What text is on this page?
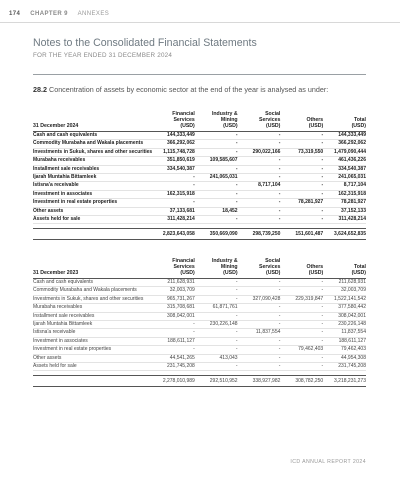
174 CHAPTER 9 ANNEXES
Notes to the Consolidated Financial Statements
FOR THE YEAR ENDED 31 DECEMBER 2024
28.2 Concentration of assets by economic sector at the end of the year is analysed as under:
31 December 2024	Financial
Services
(USD)	Industry &
Mining
(USD)	Social
Services
(USD)	Others
(USD)	Total
(USD)
Cash and cash equivalents	144,333,449	-	-	-	144,333,449
Commodity Murabaha and Wakala placements	366,292,062	-	-	-	366,292,062
Investments in Sukuk, shares and other securities	1,115,748,728	-	290,022,166	73,319,550	1,479,090,444
Murabaha receivables	351,850,619	109,585,607	-	-	461,436,226
Installment sale receivables	334,540,387	-	-	-	334,540,387
Ijarah Muntahia Bittamleek	-	241,065,031	-	-	241,065,031
Istisna'a receivable	-	-	8,717,104	-	8,717,104
Investment in associates	162,315,918	-	-	-	162,315,918
Investment in real estate properties	-	-	-	78,281,927	78,281,927
Other assets	37,133,681	18,452	-	-	37,152,133
Assets held for sale	311,428,214	-	-	-	311,428,214

	2,823,643,058	350,669,090	298,739,250	151,601,487	3,624,652,835
31 December 2023	Financial
Services
(USD)	Industry &
Mining
(USD)	Social
Services
(USD)	Others
(USD)	Total
(USD)
Cash and cash equivalents	211,628,931	-	-	-	211,628,931
Commodity Murabaha and Wakala placements	32,003,709	-	-	-	32,003,709
Investments in Sukuk, shares and other securities	965,731,267	-	327,090,428	229,319,847	1,522,141,542
Murabaha receivables	315,708,681	61,871,761	-	-	377,580,442
Installment sale receivables	308,042,001	-	-	-	308,042,001
Ijarah Muntahia Bittamleek	-	230,226,148	-	-	230,226,148
Istisna'a receivable	-	-	11,837,554	-	11,837,554
Investment in associates	188,611,127	-	-	-	188,611,127
Investment in real estate properties	-	-	-	79,462,403	79,462,403
Other assets	44,541,265	413,043	-	-	44,954,308
Assets held for sale	231,745,208	-	-	-	231,745,208

	2,278,010,989	292,510,952	338,927,982	308,782,250	3,218,231,273
ICD ANNUAL REPORT 2024
